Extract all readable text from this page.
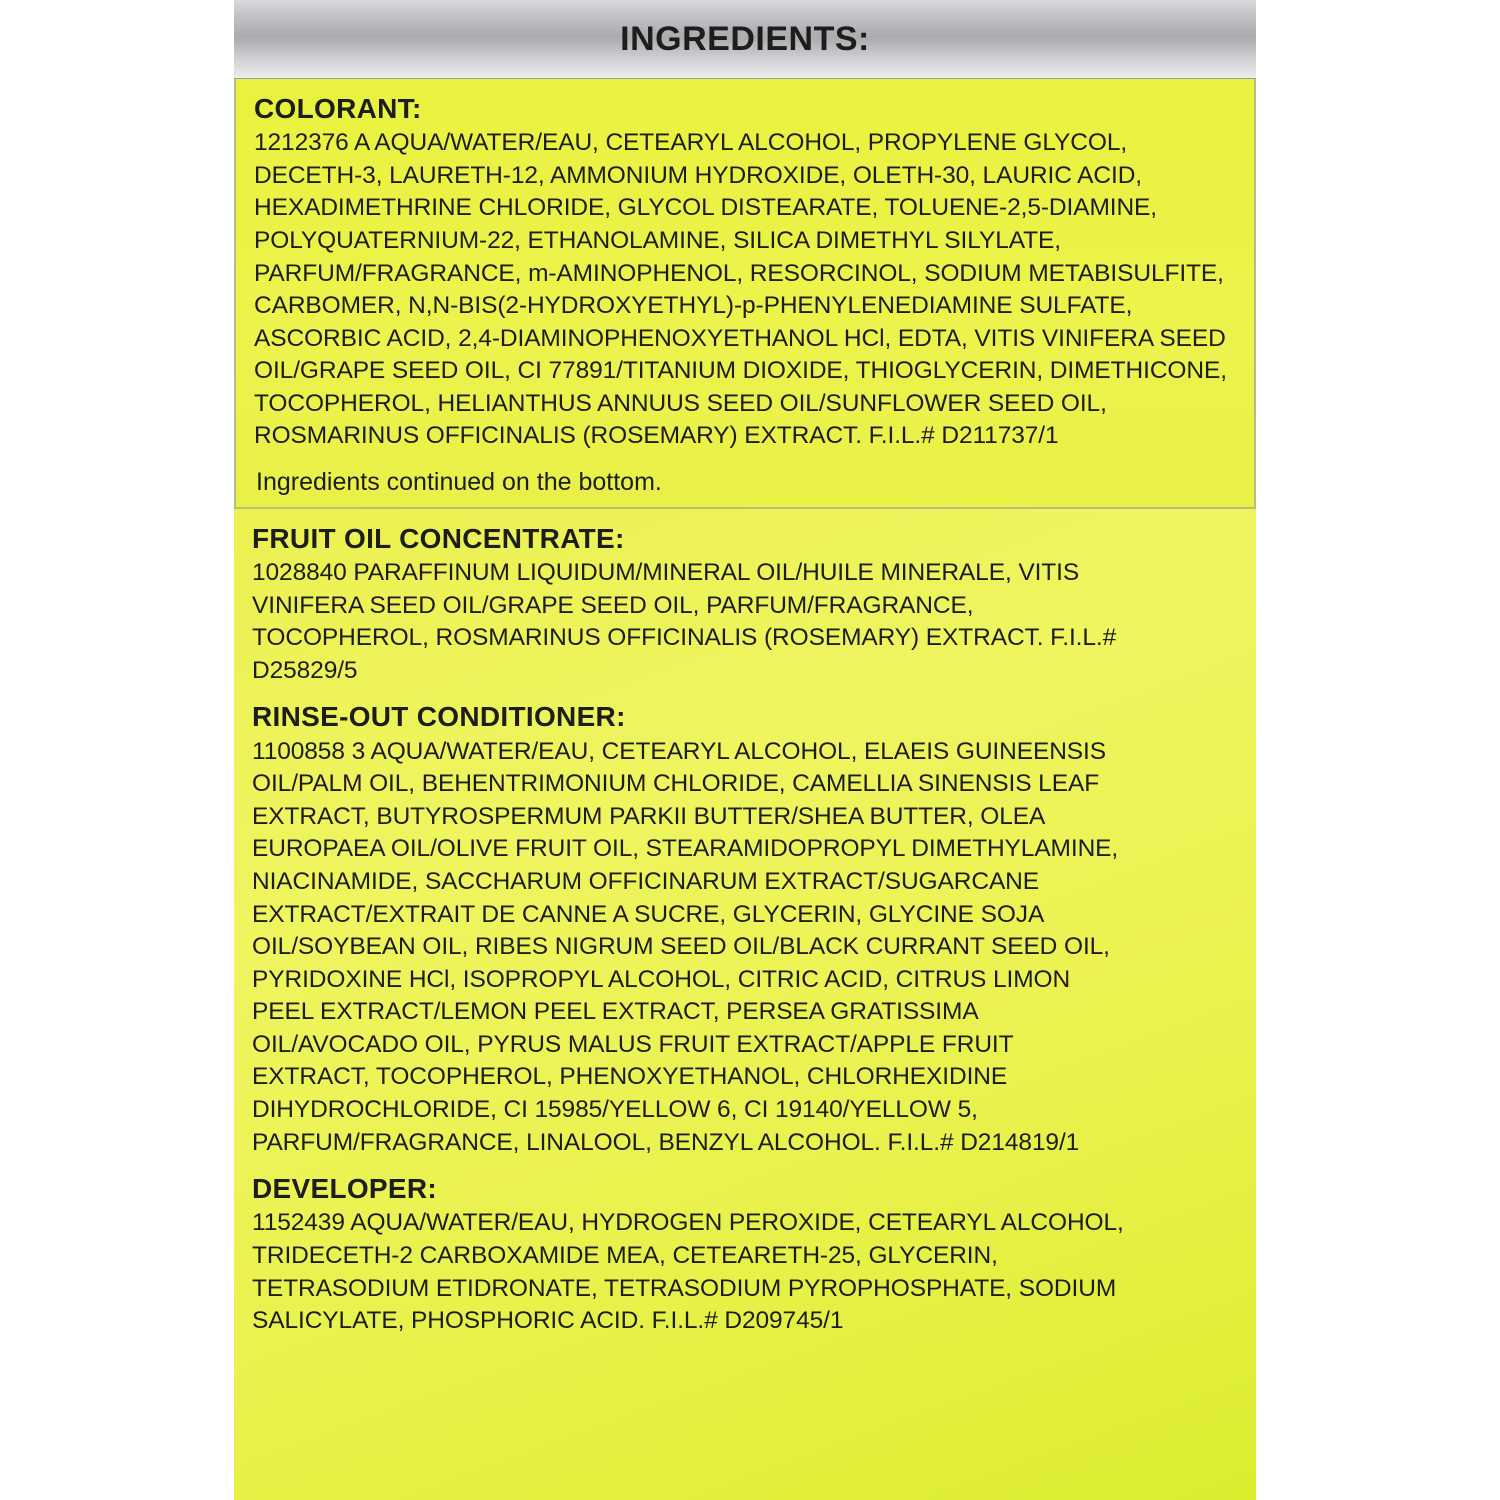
INGREDIENTS:
COLORANT:
1212376 A AQUA/WATER/EAU, CETEARYL ALCOHOL, PROPYLENE GLYCOL, DECETH-3, LAURETH-12, AMMONIUM HYDROXIDE, OLETH-30, LAURIC ACID, HEXADIMETHRINE CHLORIDE, GLYCOL DISTEARATE, TOLUENE-2,5-DIAMINE, POLYQUATERNIUM-22, ETHANOLAMINE, SILICA DIMETHYL SILYLATE, PARFUM/FRAGRANCE, m-AMINOPHENOL, RESORCINOL, SODIUM METABISULFITE, CARBOMER, N,N-BIS(2-HYDROXYETHYL)-p-PHENYLENEDIAMINE SULFATE, ASCORBIC ACID, 2,4-DIAMINOPHENOXYETHANOL HCl, EDTA, VITIS VINIFERA SEED OIL/GRAPE SEED OIL, CI 77891/TITANIUM DIOXIDE, THIOGLYCERIN, DIMETHICONE, TOCOPHEROL, HELIANTHUS ANNUUS SEED OIL/SUNFLOWER SEED OIL, ROSMARINUS OFFICINALIS (ROSEMARY) EXTRACT. F.I.L.# D211737/1
Ingredients continued on the bottom.
FRUIT OIL CONCENTRATE:
1028840 PARAFFINUM LIQUIDUM/MINERAL OIL/HUILE MINERALE, VITIS VINIFERA SEED OIL/GRAPE SEED OIL, PARFUM/FRAGRANCE, TOCOPHEROL, ROSMARINUS OFFICINALIS (ROSEMARY) EXTRACT. F.I.L.# D25829/5
RINSE-OUT CONDITIONER:
1100858 3 AQUA/WATER/EAU, CETEARYL ALCOHOL, ELAEIS GUINEENSIS OIL/PALM OIL, BEHENTRIMONIUM CHLORIDE, CAMELLIA SINENSIS LEAF EXTRACT, BUTYROSPERMUM PARKII BUTTER/SHEA BUTTER, OLEA EUROPAEA OIL/OLIVE FRUIT OIL, STEARAMIDOPROPYL DIMETHYLAMINE, NIACINAMIDE, SACCHARUM OFFICINARUM EXTRACT/SUGARCANE EXTRACT/EXTRAIT DE CANNE A SUCRE, GLYCERIN, GLYCINE SOJA OIL/SOYBEAN OIL, RIBES NIGRUM SEED OIL/BLACK CURRANT SEED OIL, PYRIDOXINE HCl, ISOPROPYL ALCOHOL, CITRIC ACID, CITRUS LIMON PEEL EXTRACT/LEMON PEEL EXTRACT, PERSEA GRATISSIMA OIL/AVOCADO OIL, PYRUS MALUS FRUIT EXTRACT/APPLE FRUIT EXTRACT, TOCOPHEROL, PHENOXYETHANOL, CHLORHEXIDINE DIHYDROCHLORIDE, CI 15985/YELLOW 6, CI 19140/YELLOW 5, PARFUM/FRAGRANCE, LINALOOL, BENZYL ALCOHOL. F.I.L.# D214819/1
DEVELOPER:
1152439 AQUA/WATER/EAU, HYDROGEN PEROXIDE, CETEARYL ALCOHOL, TRIDECETH-2 CARBOXAMIDE MEA, CETEARETH-25, GLYCERIN, TETRASODIUM ETIDRONATE, TETRASODIUM PYROPHOSPHATE, SODIUM SALICYLATE, PHOSPHORIC ACID. F.I.L.# D209745/1
